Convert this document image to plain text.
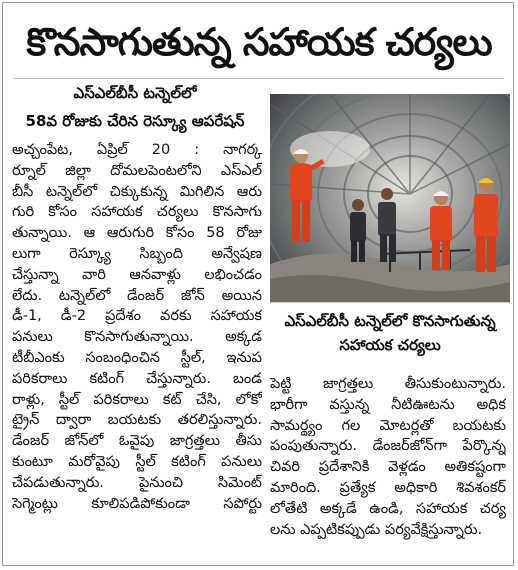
కొనసాగుతున్న సహాయక చర్యలు
ఎస్‌ఎల్‌బీసీ టన్నెల్‌లో
58వ రోజుకు చేరిన రెస్క్యూ ఆపరేషన్
అచ్చంపేట, ఏప్రిల్ 20 : నాగర్క
ర్నూల్ జిల్లా దోమలపెంటలోని ఎస్ఎల్
బీసీ టన్నెల్‌లో చిక్కుకున్న మిగిలిన ఆరు
గురి కోసం సహాయక చర్యలు కొనసాగు
తున్నాయి. ఆ ఆరుగురి కోసం 58 రోజు
లుగా రెస్క్యూ సిబ్బంది అన్వేషణ
చేస్తున్నా వారి ఆనవాళ్లు లభించడం
లేదు. టన్నెల్‌లో డేంజర్ జోన్ అయిన
డీ-1, డీ-2 ప్రదేశం వరకు సహాయక
పనులు కొనసాగుతున్నాయి. అక్కడ
టీబీఎంకు సంబంధించిన స్టీల్, ఇనుప
పరికరాలు కటింగ్ చేస్తున్నారు. బండ
రాళ్లు, స్టీల్ పరికరాలు కట్ చేసి, లోకో
ట్రైన్ ద్వారా బయటకు తరలిస్తున్నారు.
డేంజర్ జోన్‌లో ఓవైపు జాగ్రత్తలు తీసు
కుంటూ మరోవైపు స్టీల్ కటింగ్ పనులు
చేపడుతున్నారు. పైనుంచి సిమెంట్
సెగ్మెంట్లు కూలిపడిపోకుండా సపోర్టు
ఎస్‌ఎల్‌బీసీ టన్నెల్‌లో కొనసాగుతున్న
సహాయక చర్యలు
పెట్టి జాగ్రత్తలు తీసుకుంటున్నారు.
భారీగా వస్తున్న నీటిఊటను అధిక
సామర్థ్యం గల మోటర్లతో బయటకు
పంపుతున్నారు. డేంజర్‌జోన్‌గా పేర్కొన్న
చివరి ప్రదేశానికి వెళ్లడం అతికష్టంగా
మారింది. ప్రత్యేక అధికారి శివశంకర్
లోతేటి అక్కడే ఉండి, సహాయక చర్య
లను ఎప్పటికప్పుడు పర్యవేక్షిస్తున్నారు.
